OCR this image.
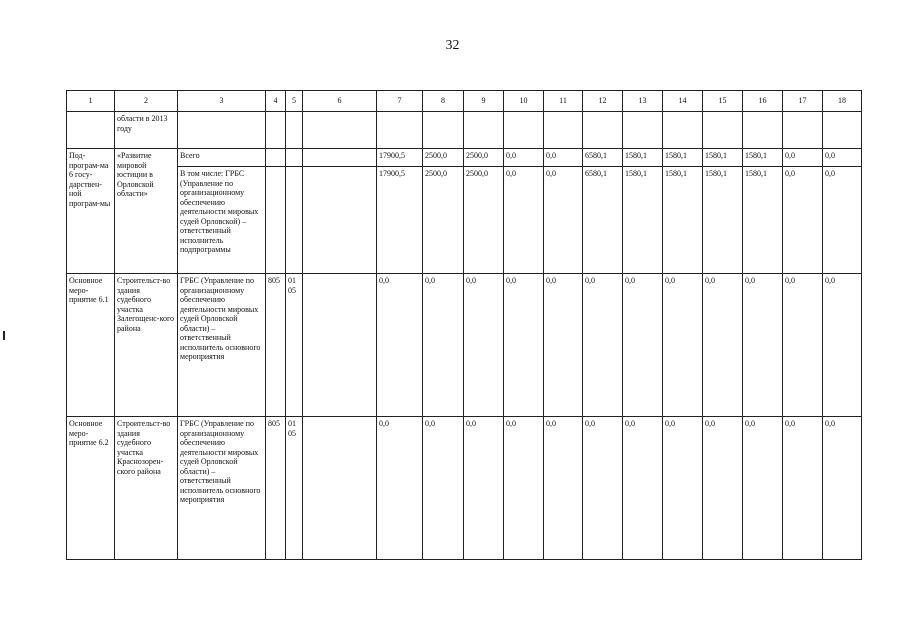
32
1	2	3	4	5	6	7	8	9	10	11	12	13	14	15	16	17	18
	области в 2013 году																
Под-програм-ма 6 госу-дарствен-ной програм-мы	«Развитие мировой юстиции в Орловской области»	Всего				17900,5	2500,0	2500,0	0,0	0,0	6580,1	1580,1	1580,1	1580,1	1580,1	0,0	0,0
		В том числе: ГРБС (Управление по организационному обеспечению деятельности мировых судей Орловской) – ответственный исполнитель подпрограммы				17900,5	2500,0	2500,0	0,0	0,0	6580,1	1580,1	1580,1	1580,1	1580,1	0,0	0,0
Основное меро-приятие 6.1	Строительст-во здания судебного участка Залегощенс-кого района	ГРБС (Управление по организационному обеспечению деятельности мировых судей Орловской области) – ответственный исполнитель основного мероприятия	805	01 05		0,0	0,0	0,0	0,0	0,0	0,0	0,0	0,0	0,0	0,0	0,0	0,0
Основное меро-приятие 6.2	Строительст-во здания судебного участка Краснозорен-ского района	ГРБС (Управление по организационному обеспечению деятельности мировых судей Орловской области) – ответственный исполнитель основного мероприятия	805	01 05		0,0	0,0	0,0	0,0	0,0	0,0	0,0	0,0	0,0	0,0	0,0	0,0
